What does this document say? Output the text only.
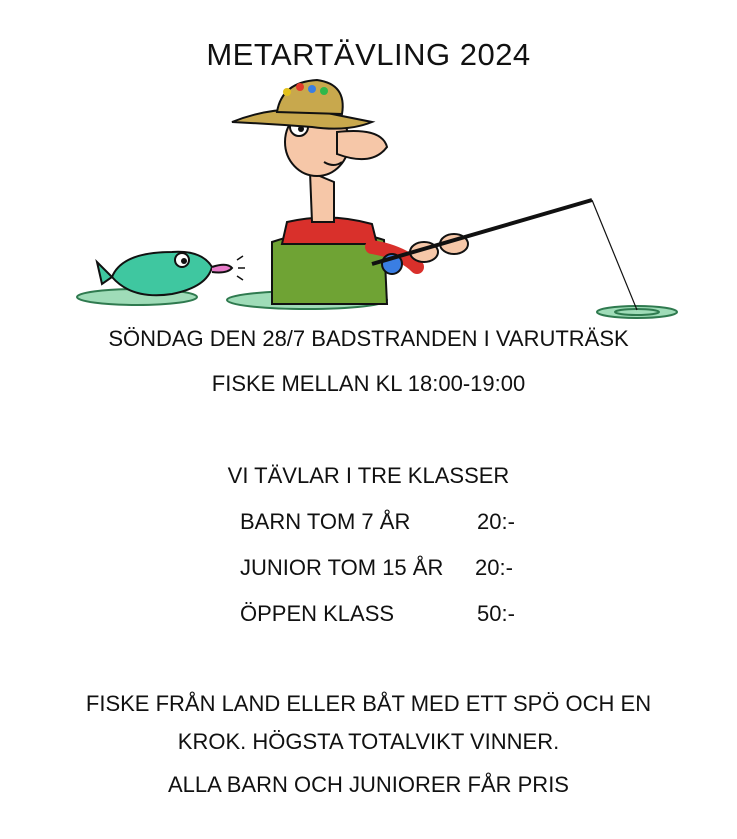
METARTÄVLING 2024
SÖNDAG DEN 28/7 BADSTRANDEN I VARUTRÄSK
FISKE MELLAN KL 18:00-19:00
VI TÄVLAR I TRE KLASSER
BARN TOM 7 ÅR	20:-
JUNIOR TOM 15 ÅR 20:-
ÖPPEN KLASS	50:-
FISKE FRÅN LAND ELLER BÅT MED ETT SPÖ OCH EN
KROK. HÖGSTA TOTALVIKT VINNER.
ALLA BARN OCH JUNIORER FÅR PRIS
